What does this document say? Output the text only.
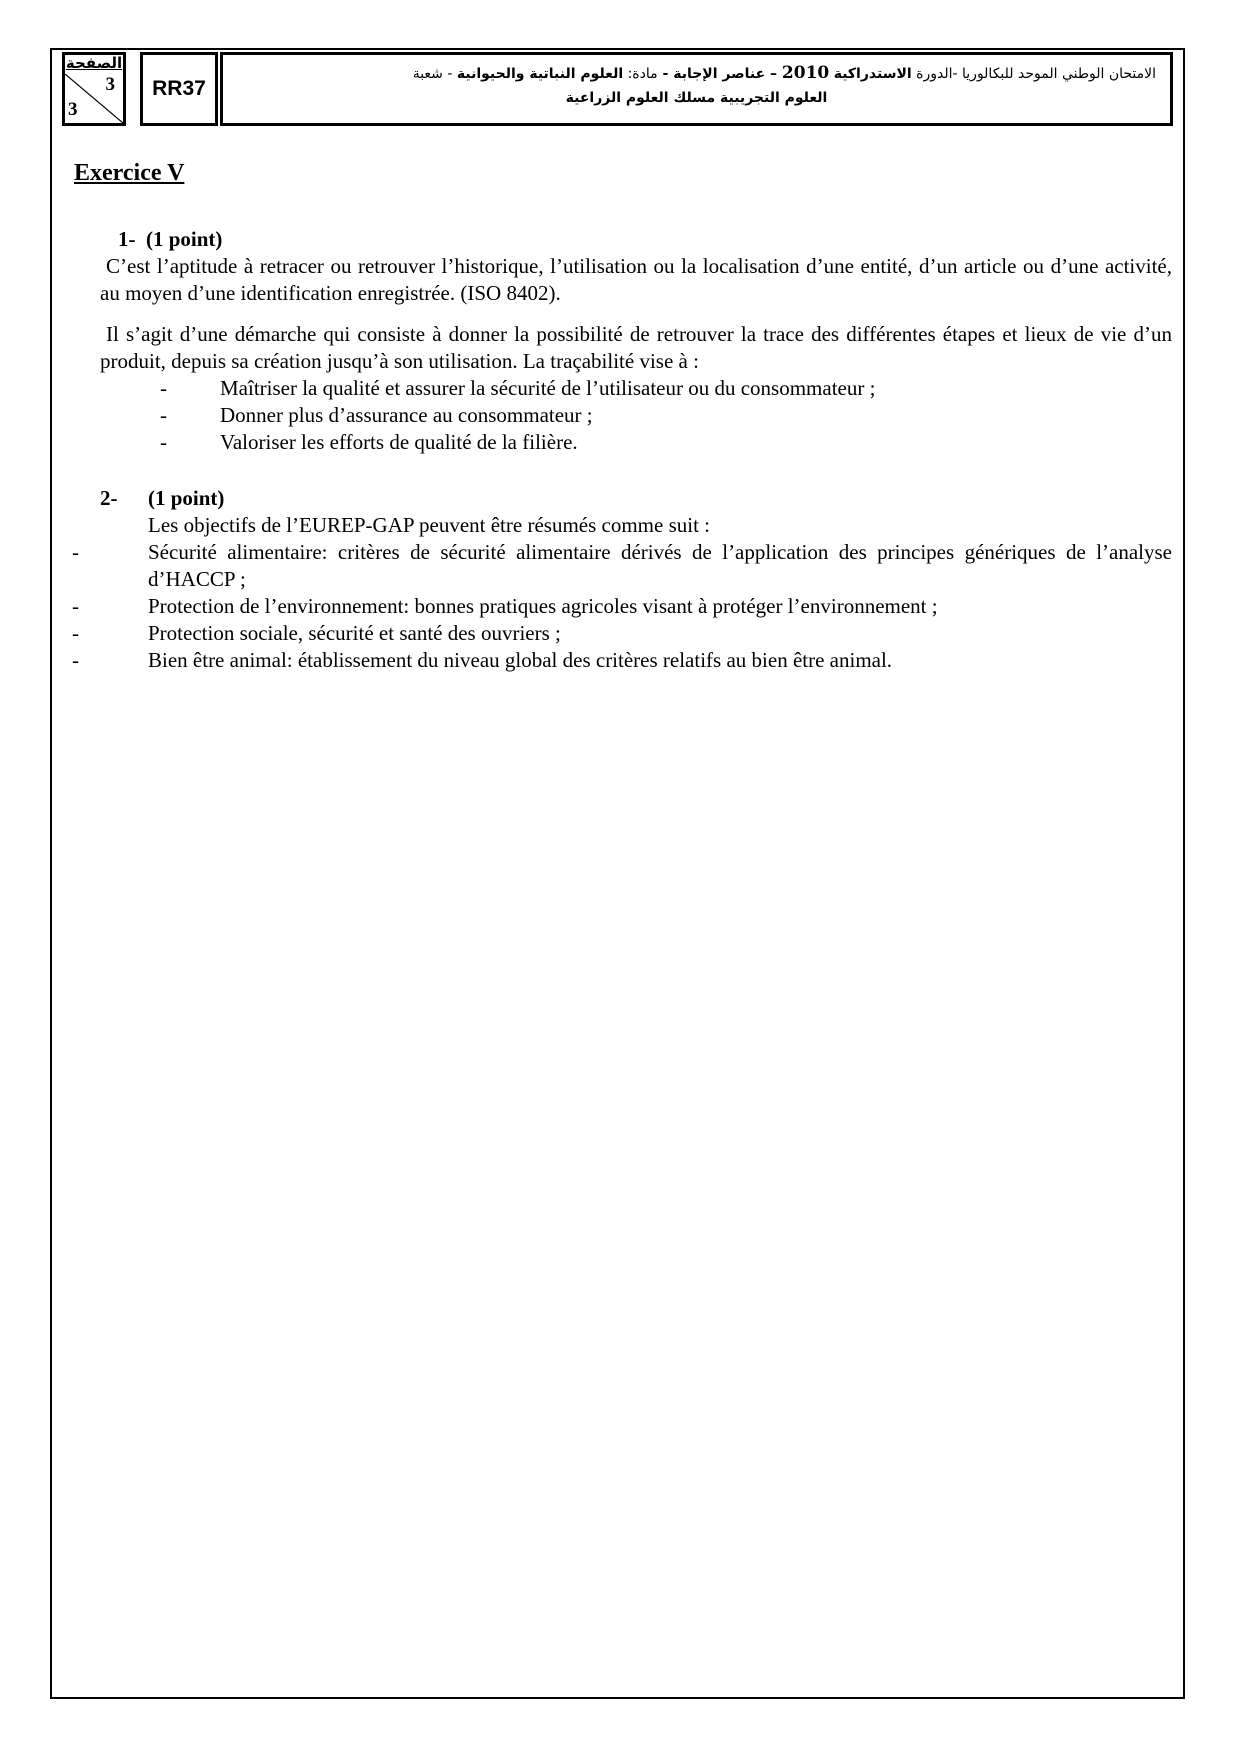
الصفحة
3
3
RR37
الامتحان الوطني الموحد للبكالوريا -الدورة الاستدراكية 2010 – عناصر الإجابة - مادة: العلوم النباتية والحيوانية - شعبة
العلوم التجريبية مسلك العلوم الزراعية
Exercice V
1- (1 point)

C’est l’aptitude à retracer ou retrouver l’historique, l’utilisation ou la localisation d’une entité, d’un article ou d’une activité, au moyen d’une identification enregistrée. (ISO 8402).

Il s’agit d’une démarche qui consiste à donner la possibilité de retrouver la trace des différentes étapes et lieux de vie d’un produit, depuis sa création jusqu’à son utilisation. La traçabilité vise à :

-	Maîtriser la qualité et assurer la sécurité de l’utilisateur ou du consommateur ;
-	Donner plus d’assurance au consommateur ;
-	Valoriser les efforts de qualité de la filière.
2- (1 point)

Les objectifs de l’EUREP-GAP peuvent être résumés comme suit :

-	Sécurité alimentaire: critères de sécurité alimentaire dérivés de l’application des principes génériques de l’analyse d’HACCP ;
-	Protection de l’environnement: bonnes pratiques agricoles visant à protéger l’environnement ;
-	Protection sociale, sécurité et santé des ouvriers ;
-	Bien être animal: établissement du niveau global des critères relatifs au bien être animal.
